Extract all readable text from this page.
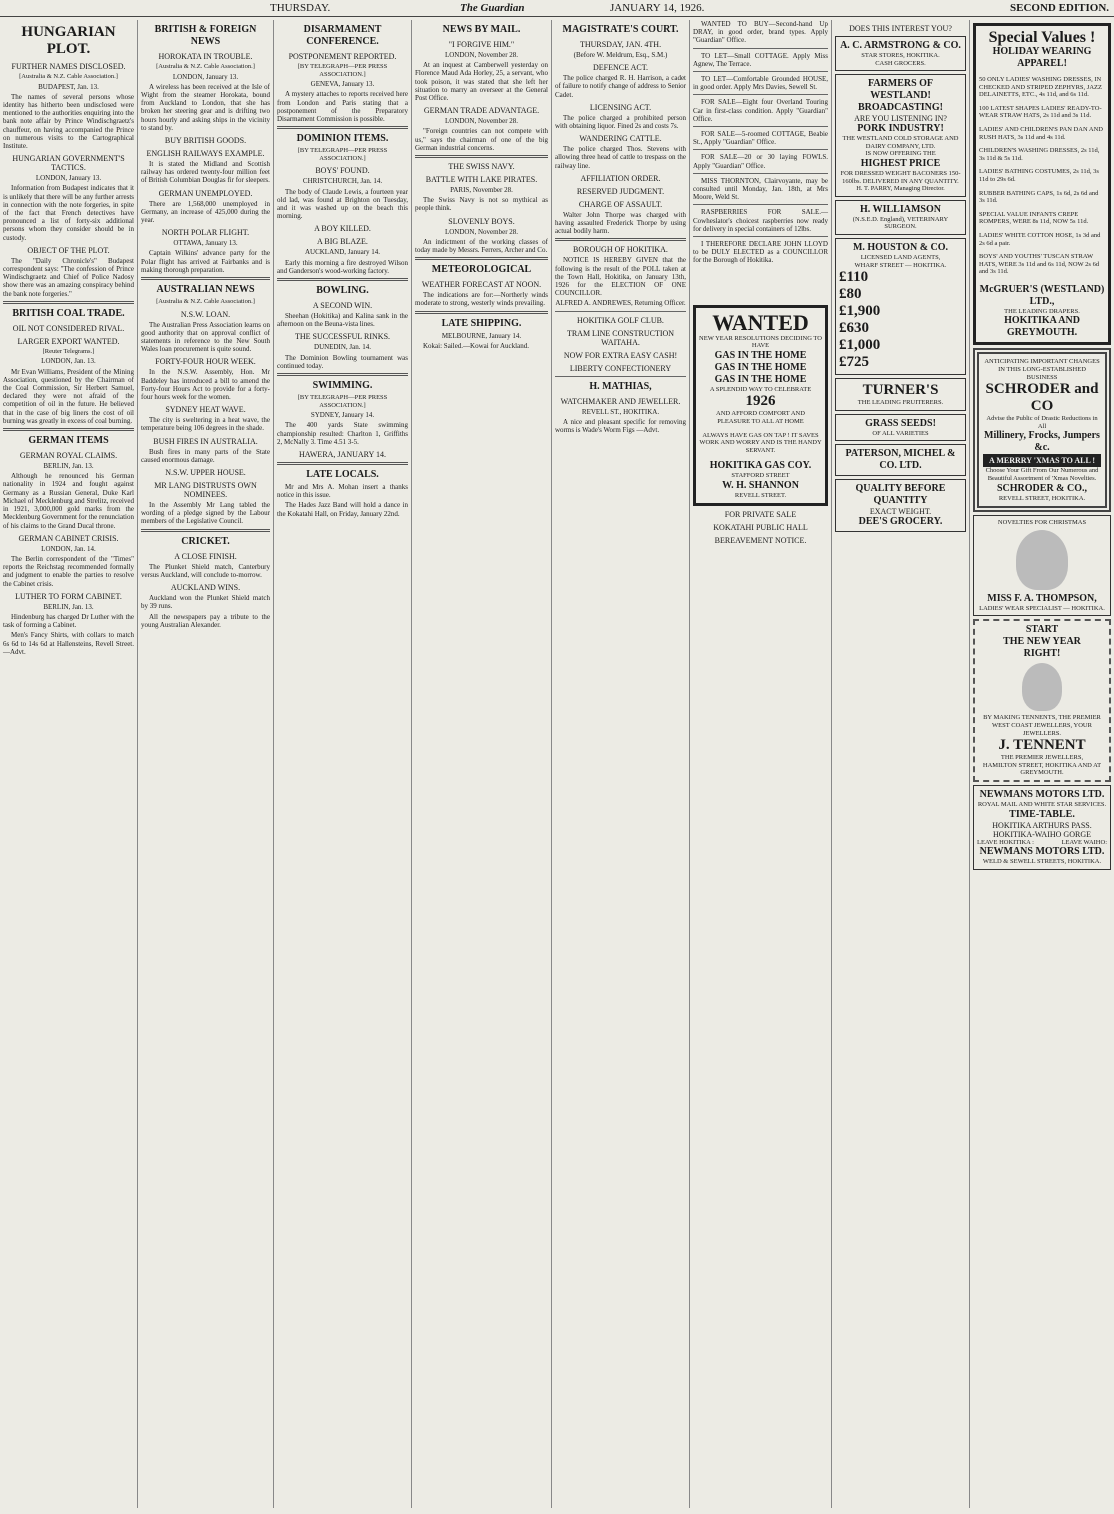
THURSDAY.	The Guardian	JANUARY 14, 1926.	SECOND EDITION.
HUNGARIAN PLOT.
FURTHER NAMES DISCLOSED.

[Australia & N.Z. Cable Association.]

BUDAPEST, Jan. 13.

The names of several persons whose identity has hitherto been undisclosed were mentioned to the authorities enquiring into the bank note affair by Prince Windischgraetz's chauffeur, on having accompanied the Prince on numerous visits to the Cartographical Institute.

HUNGARIAN GOVERNMENT'S TACTICS.

LONDON, January 13.

Information from Budapest indicates that it is unlikely that there will be any further arrests in connection with the note forgeries, in spite of the fact that French detectives have pronounced a list of forty-six additional persons whom they consider should be in custody.

OBJECT OF THE PLOT.

The "Daily Chronicle's" Budapest correspondent says: "The confession of Prince Windischgraetz and Chief of Police Nadosy show there was an amazing conspiracy behind the bank note forgeries."

BRITISH COAL TRADE.
OIL NOT CONSIDERED RIVAL.
LARGER EXPORT WANTED.

[Reuter Telegrams.]

LONDON, Jan. 13.

Mr Evan Williams, President of the Mining Association, questioned by the Chairman of the Coal Commission, Sir Herbert Samuel, declared they were not afraid of the competition of oil in the future. He believed that in the case of big liners the cost of oil burning was greatly in excess of coal burning.

GERMAN ITEMS
GERMAN ROYAL CLAIMS.

BERLIN, Jan. 13.

Although he renounced his German nationality in 1924 and fought against Germany as a Russian General, Duke Karl Michael of Mecklenburg and Strelitz, received in 1921, 3,000,000 gold marks from the Mecklenburg Government for the renunciation of his claims to the Grand Ducal throne.

GERMAN CABINET CRISIS.

LONDON, Jan. 14.

The Berlin correspondent of the "Times" reports the Reichstag recommended formally and judgment to enable the parties to resolve the Cabinet crisis.

LUTHER TO FORM CABINET.

BERLIN, Jan. 13.

Hindenburg has charged Dr Luther with the task of forming a Cabinet.

Men's Fancy Shirts, with collars to match 6s 6d to 14s 6d at Hallensteins, Revell Street.—Advt.

BRITISH & FOREIGN NEWS
HOROKATA IN TROUBLE.

[Australia & N.Z. Cable Association.]

LONDON, January 13.

A wireless has been received at the Isle of Wight from the steamer Horokata, bound from Auckland to London, that she has broken her steering gear and is drifting two hours hourly and asking ships in the vicinity to stand by.

BUY BRITISH GOODS.
ENGLISH RAILWAYS EXAMPLE.

It is stated the Midland and Scottish railway has ordered twenty-four million feet of British Columbian Douglas fir for sleepers.

GERMAN UNEMPLOYED.

There are 1,568,000 unemployed in Germany, an increase of 425,000 during the year.

NORTH POLAR FLIGHT.

OTTAWA, January 13.

Captain Wilkins' advance party for the Polar flight has arrived at Fairbanks and is making thorough preparation.

AUSTRALIAN NEWS

[Australia & N.Z. Cable Association.]

N.S.W. LOAN.

The Australian Press Association learns on good authority that on approval conflict of statements in reference to the New South Wales loan procurement is quite sound.

FORTY-FOUR HOUR WEEK.

In the N.S.W. Assembly, Hon. Mr Baddeley has introduced a bill to amend the Forty-four Hours Act to provide for a forty-four hours week for the women.

SYDNEY HEAT WAVE.

The city is sweltering in a heat wave, the temperature being 106 degrees in the shade.

BUSH FIRES IN AUSTRALIA.

Bush fires in many parts of the State caused enormous damage.

N.S.W. UPPER HOUSE.
MR LANG DISTRUSTS OWN NOMINEES.

In the Assembly Mr Lang tabled the wording of a pledge signed by the Labour members of the Legislative Council.

CRICKET.
A CLOSE FINISH.

The Plunket Shield match, Canterbury versus Auckland, will conclude to-morrow.

AUCKLAND WINS.

Auckland won the Plunket Shield match by 39 runs.

All the newspapers pay a tribute to the young Australian Alexander.

DISARMAMENT CONFERENCE.
POSTPONEMENT REPORTED.

[BY TELEGRAPH—PER PRESS ASSOCIATION.]

GENEVA, January 13.

A mystery attaches to reports received here from London and Paris stating that a postponement of the Preparatory Disarmament Commission is possible.

DOMINION ITEMS.

[BY TELEGRAPH—PER PRESS ASSOCIATION.]

BOYS' FOUND.

CHRISTCHURCH, Jan. 14.

The body of Claude Lewis, a fourteen year old lad, was found at Brighton on Tuesday, and it was washed up on the beach this morning.

A BOY KILLED.
A BIG BLAZE.

AUCKLAND, January 14.

Early this morning a fire destroyed Wilson and Ganderson's wood-working factory.

BOWLING.
A SECOND WIN.

Sheehan (Hokitika) and Kalina sank in the afternoon on the Beuna-vista lines.

THE SUCCESSFUL RINKS.

DUNEDIN, Jan. 14.

The Dominion Bowling tournament was continued today.

SWIMMING.

[BY TELEGRAPH—PER PRESS ASSOCIATION.]

SYDNEY, January 14.

The 400 yards State swimming championship resulted: Charlton 1, Griffiths 2, McNally 3. Time 4.51 3-5.

HAWERA, JANUARY 14.
LATE LOCALS.

Mr and Mrs A. Mohan insert a thanks notice in this issue.

The Hades Jazz Band will hold a dance in the Kokatahi Hall, on Friday, January 22nd.

NEWS BY MAIL.
"I FORGIVE HIM."

LONDON, November 28.

At an inquest at Camberwell yesterday on Florence Maud Ada Horley, 25, a servant, who took poison, it was stated that she left her situation to marry an overseer at the General Post Office.

GERMAN TRADE ADVANTAGE.

LONDON, November 28.

"Foreign countries can not compete with us," says the chairman of one of the big German industrial concerns.

THE SWISS NAVY.
BATTLE WITH LAKE PIRATES.

PARIS, November 28.

The Swiss Navy is not so mythical as people think.

SLOVENLY BOYS.

LONDON, November 28.

An indictment of the working classes of today made by Messrs. Ferrers, Archer and Co.

METEOROLOGICAL
WEATHER FORECAST AT NOON.

The indications are for:—Northerly winds moderate to strong, westerly winds prevailing.

LATE SHIPPING.

MELBOURNE, January 14.

Kokai: Sailed.—Kowai for Auckland.

MAGISTRATE'S COURT.
THURSDAY, JAN. 4TH.

(Before W. Meldrum, Esq., S.M.)

DEFENCE ACT.

The police charged R. H. Harrison, a cadet of failure to notify change of address to Senior Cadet.

LICENSING ACT.

The police charged a prohibited person with obtaining liquor. Fined 2s and costs 7s.

WANDERING CATTLE.

The police charged Thos. Stevens with allowing three head of cattle to trespass on the railway line.

AFFILIATION ORDER.
RESERVED JUDGMENT.
CHARGE OF ASSAULT.

Walter John Thorpe was charged with having assaulted Frederick Thorpe by using actual bodily harm.

BOROUGH OF HOKITIKA.

NOTICE IS HEREBY GIVEN that the following is the result of the POLL taken at the Town Hall, Hokitika, on January 13th, 1926 for the ELECTION OF ONE COUNCILLOR.

ALFRED A. ANDREWES, Returning Officer.

HOKITIKA GOLF CLUB.
TRAM LINE CONSTRUCTION WAITAHA.
NOW FOR EXTRA EASY CASH!
LIBERTY CONFECTIONERY
H. MATHIAS,
WATCHMAKER AND JEWELLER.

REVELL ST., HOKITIKA.

A nice and pleasant specific for removing worms is Wade's Worm Figs —Advt.

WANTED TO BUY—Second-hand Up DRAY, in good order, brand types. Apply "Guardian" Office.

TO LET—Small COTTAGE. Apply Miss Agnew, The Terrace.

TO LET—Comfortable Grounded HOUSE, in good order. Apply Mrs Davies, Sewell St.

FOR SALE—Eight four Overland Touring Car in first-class condition. Apply "Guardian" Office.

FOR SALE—5-roomed COTTAGE, Beabie St., Apply "Guardian" Office.

FOR SALE—20 or 30 laying FOWLS. Apply "Guardian" Office.

MISS THORNTON, Clairvoyante, may be consulted until Monday, Jan. 18th, at Mrs Moore, Weld St.

RASPBERRIES FOR SALE.—Cowheslator's choicest raspberries now ready for delivery in special containers of 12lbs.

I THEREFORE DECLARE JOHN LLOYD to be DULY ELECTED as a COUNCILLOR for the Borough of Hokitika.

WANTED
NEW YEAR RESOLUTIONS DECIDING TO HAVE
GAS IN THE HOME
GAS IN THE HOME
GAS IN THE HOME
A SPLENDID WAY TO CELEBRATE
1926
AND AFFORD COMFORT AND PLEASURE TO ALL AT HOME
ALWAYS HAVE GAS ON TAP ! IT SAVES WORK AND WORRY AND IS THE HANDY SERVANT.
HOKITIKA GAS COY.
STAFFORD STREET
W. H. SHANNON
REVELL STREET.
FOR PRIVATE SALE
KOKATAHI PUBLIC HALL
BEREAVEMENT NOTICE.
DOES THIS INTEREST YOU?
A. C. ARMSTRONG & CO.
STAR STORES, HOKITIKA.
CASH GROCERS.
FARMERS OF WESTLAND!
BROADCASTING!
ARE YOU LISTENING IN?
PORK INDUSTRY!
THE WESTLAND COLD STORAGE AND DAIRY COMPANY, LTD.
IS NOW OFFERING THE
HIGHEST PRICE
FOR DRESSED WEIGHT BACONERS 150-160lbs. DELIVERED IN ANY QUANTITY.
H. T. PARRY, Managing Director.
H. WILLIAMSON
(N.S.E.D. England), VETERINARY SURGEON.
M. HOUSTON & CO.
LICENSED LAND AGENTS,
WHARF STREET — HOKITIKA.
£110
£80
£1,900
£630
£1,000
£725
TURNER'S
THE LEADING FRUITERERS.
GRASS SEEDS!
OF ALL VARIETIES
PATERSON, MICHEL & CO. LTD.
QUALITY BEFORE QUANTITY
EXACT WEIGHT.
DEE'S GROCERY.
Special Values !
HOLIDAY WEARING APPAREL!
50 ONLY LADIES' WASHING DRESSES, IN CHECKED AND STRIPED ZEPHYRS, JAZZ DELAINETTS, ETC., 4s 11d, and 6s 11d.
100 LATEST SHAPES LADIES' READY-TO-WEAR STRAW HATS, 2s 11d and 3s 11d.
LADIES' AND CHILDREN'S PAN DAN AND RUSH HATS, 3s 11d and 4s 11d.
CHILDREN'S WASHING DRESSES, 2s 11d, 3s 11d & 5s 11d.
LADIES' BATHING COSTUMES, 2s 11d, 3s 11d to 29s 6d.
RUBBER BATHING CAPS, 1s 6d, 2s 6d and 3s 11d.
SPECIAL VALUE INFANTS CREPE ROMPERS, WERE 8s 11d, NOW 5s 11d.
LADIES' WHITE COTTON HOSE, 1s 3d and 2s 6d a pair.
BOYS' AND YOUTHS' TUSCAN STRAW HATS, WERE 3s 11d and 6s 11d, NOW 2s 6d and 3s 11d.
McGRUER'S (WESTLAND) LTD.,
THE LEADING DRAPERS.
HOKITIKA AND GREYMOUTH.
ANTICIPATING IMPORTANT CHANGES IN THIS LONG-ESTABLISHED BUSINESS
SCHRODER and CO
Advise the Public of Drastic Reductions in All
Millinery, Frocks, Jumpers &c.
A MERRRY 'XMAS TO ALL !
Choose Your Gift From Our Numerous and Beautiful Assortment of 'Xmas Novelties.
SCHRODER & CO.,
REVELL STREET, HOKITIKA.
NOVELTIES FOR CHRISTMAS
MISS F. A. THOMPSON,
LADIES' WEAR SPECIALIST — HOKITIKA.
START
THE NEW YEAR
RIGHT!
BY MAKING TENNENTS, THE PREMIER WEST COAST JEWELLERS, YOUR JEWELLERS.
J. TENNENT
THE PREMIER JEWELLERS,
HAMILTON STREET, HOKITIKA AND AT GREYMOUTH.
NEWMANS MOTORS LTD.
ROYAL MAIL AND WHITE STAR SERVICES.
TIME-TABLE.
HOKITIKA ARTHURS PASS.
HOKITIKA-WAIHO GORGE
LEAVE HOKITIKA :	LEAVE WAIHO:
NEWMANS MOTORS LTD.
WELD & SEWELL STREETS, HOKITIKA.
